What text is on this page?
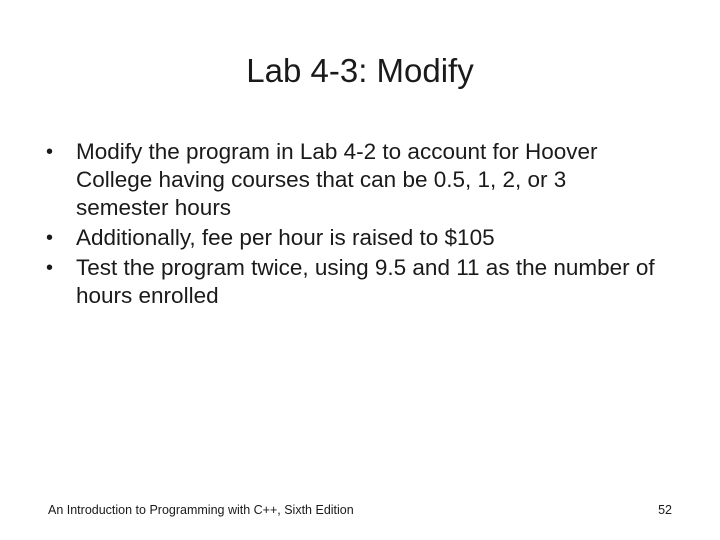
Lab 4-3: Modify
• Modify the program in Lab 4-2 to account for Hoover College having courses that can be 0.5, 1, 2, or 3 semester hours
• Additionally, fee per hour is raised to $105
• Test the program twice, using 9.5 and 11 as the number of hours enrolled
An Introduction to Programming with C++, Sixth Edition	52
